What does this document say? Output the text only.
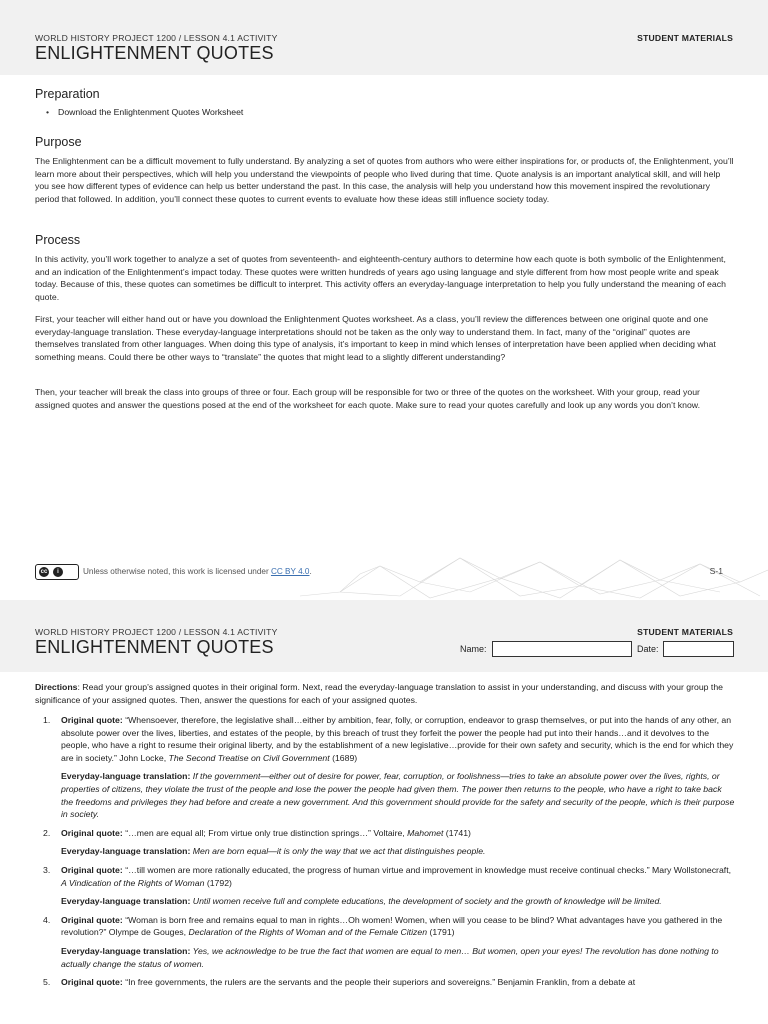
WORLD HISTORY PROJECT 1200 / LESSON 4.1 ACTIVITY
ENLIGHTENMENT QUOTES
STUDENT MATERIALS
Preparation
• Download the Enlightenment Quotes Worksheet
Purpose
The Enlightenment can be a difficult movement to fully understand. By analyzing a set of quotes from authors who were either inspirations for, or products of, the Enlightenment, you’ll learn more about their perspectives, which will help you understand the viewpoints of people who lived during that time. Quote analysis is an important analytical skill, and will help you see how different types of evidence can help us better understand the past. In this case, the analysis will help you understand how this movement inspired the revolutionary period that followed. In addition, you’ll connect these quotes to current events to evaluate how these ideas still influence society today.
Process
In this activity, you’ll work together to analyze a set of quotes from seventeenth- and eighteenth-century authors to determine how each quote is both symbolic of the Enlightenment, and an indication of the Enlightenment’s impact today. These quotes were written hundreds of years ago using language and style different from how most people write and speak today. Because of this, these quotes can sometimes be difficult to interpret. This activity offers an everyday-language interpretation to help you fully understand the meaning of each quote.
First, your teacher will either hand out or have you download the Enlightenment Quotes worksheet. As a class, you’ll review the differences between one original quote and one everyday-language translation. These everyday-language interpretations should not be taken as the only way to understand them. In fact, many of the “original” quotes are themselves translated from other languages. When doing this type of analysis, it’s important to keep in mind which lenses of interpretation have been applied when deciding what something means. Could there be other ways to “translate” the quotes that might lead to a slightly different understanding?
Then, your teacher will break the class into groups of three or four. Each group will be responsible for two or three of the quotes on the worksheet. With your group, read your assigned quotes and answer the questions posed at the end of the worksheet for each quote. Make sure to read your quotes carefully and look up any words you don’t know.
cc	i	Unless otherwise noted, this work is licensed under CC BY 4.0.	S-1
WORLD HISTORY PROJECT 1200 / LESSON 4.1 ACTIVITY
ENLIGHTENMENT QUOTES
STUDENT MATERIALS
Name:	Date:
Directions: Read your group’s assigned quotes in their original form. Next, read the everyday-language translation to assist in your understanding, and discuss with your group the significance of your assigned quotes. Then, answer the questions for each of your assigned quotes.
1. Original quote: “Whensoever, therefore, the legislative shall…either by ambition, fear, folly, or corruption, endeavor to grasp themselves, or put into the hands of any other, an absolute power over the lives, liberties, and estates of the people, by this breach of trust they forfeit the power the people had put into their hands…and it devolves to the people, who have a right to resume their original liberty, and by the establishment of a new legislative…provide for their own safety and security, which is the end for which they are in society.” John Locke, The Second Treatise on Civil Government (1689)
Everyday-language translation: If the government—either out of desire for power, fear, corruption, or foolishness—tries to take an absolute power over the lives, rights, or properties of citizens, they violate the trust of the people and lose the power the people had given them. The power then returns to the people, who have a right to take back the freedoms and privileges they had before and create a new government. And this government should provide for the safety and security of the people, which is their purpose in society.
2. Original quote: “…men are equal all; From virtue only true distinction springs…” Voltaire, Mahomet (1741)
Everyday-language translation: Men are born equal—it is only the way that we act that distinguishes people.
3. Original quote: “…till women are more rationally educated, the progress of human virtue and improvement in knowledge must receive continual checks.” Mary Wollstonecraft, A Vindication of the Rights of Woman (1792)
Everyday-language translation: Until women receive full and complete educations, the development of society and the growth of knowledge will be limited.
4. Original quote: “Woman is born free and remains equal to man in rights…Oh women! Women, when will you cease to be blind? What advantages have you gathered in the revolution?” Olympe de Gouges, Declaration of the Rights of Woman and of the Female Citizen (1791)
Everyday-language translation: Yes, we acknowledge to be true the fact that women are equal to men… But women, open your eyes! The revolution has done nothing to actually change the status of women.
5. Original quote: “In free governments, the rulers are the servants and the people their superiors and sovereigns.” Benjamin Franklin, from a debate at
